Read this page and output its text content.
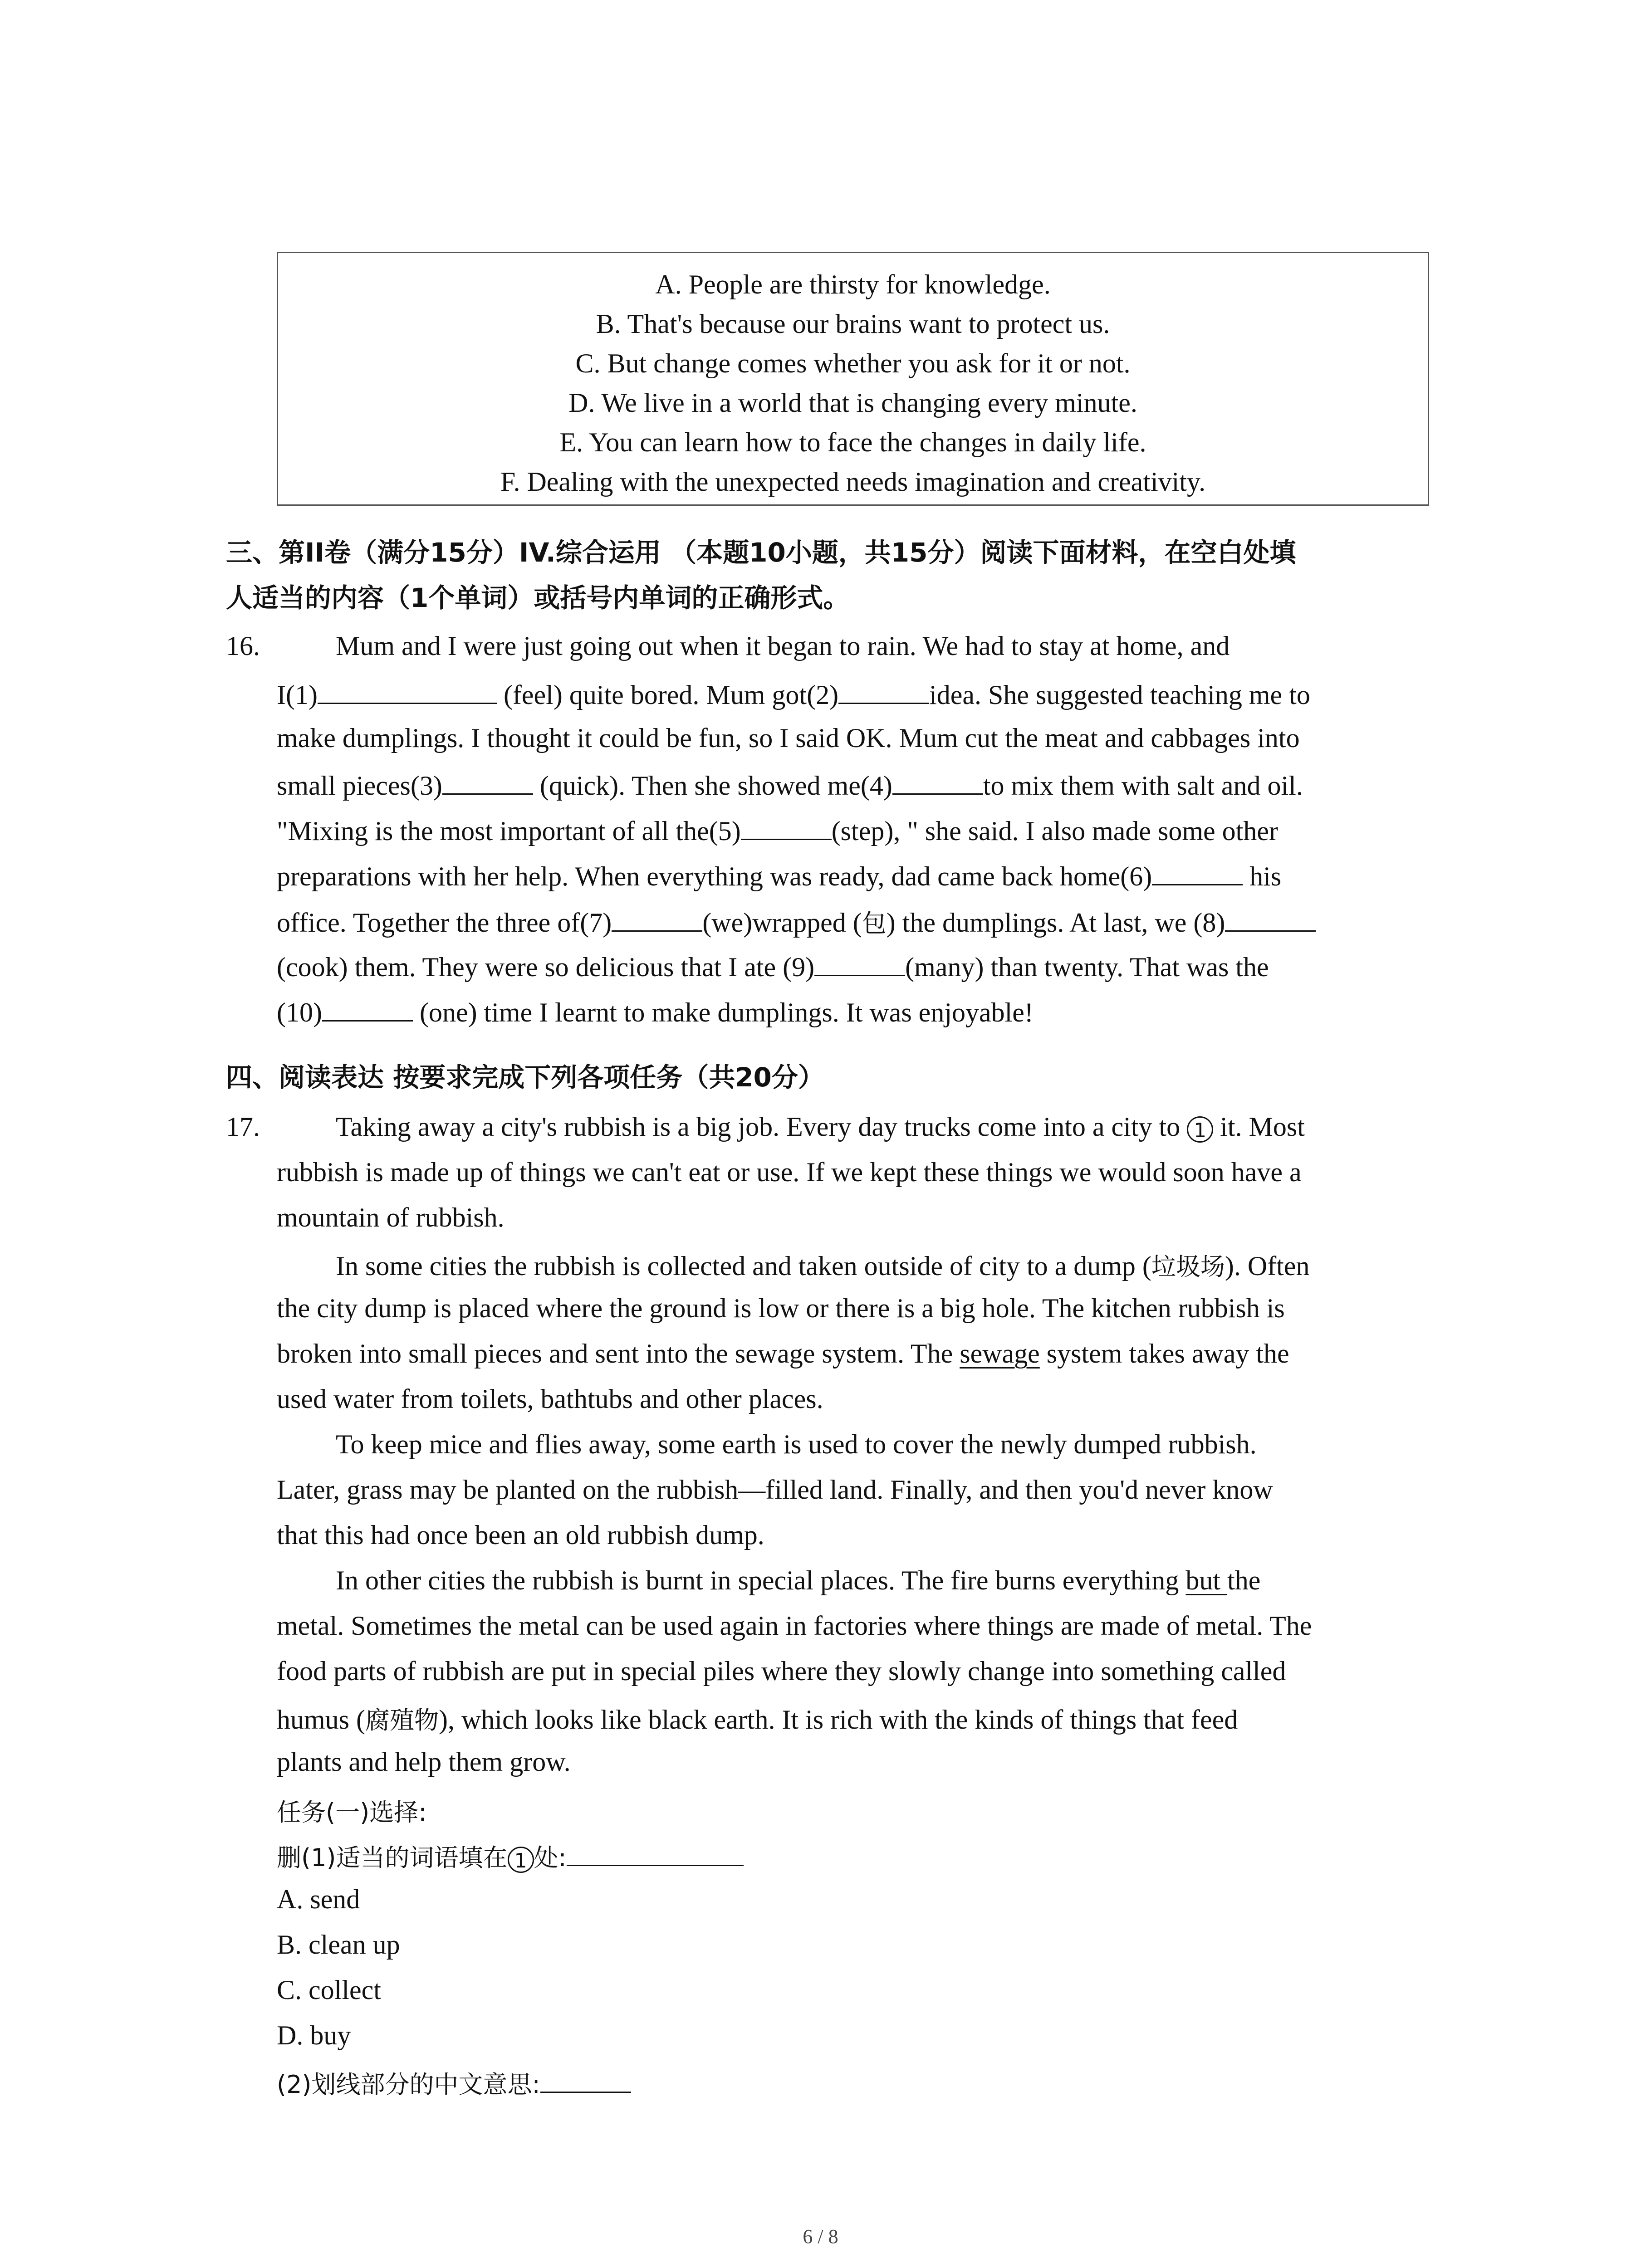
A. People are thirsty for knowledge.
B. That's because our brains want to protect us.
C. But change comes whether you ask for it or not.
D. We live in a world that is changing every minute.
E. You can learn how to face the changes in daily life.
F. Dealing with the unexpected needs imagination and creativity.
三、第II卷（满分15分）IV.综合运用 （本题10小题，共15分）阅读下面材料，在空白处填
人适当的内容（1个单词）或括号内单词的正确形式。
16.	Mum and I were just going out when it began to rain. We had to stay at home, and
I(1)	(feel) quite bored. Mum got(2)	idea. She suggested teaching me to
make dumplings. I thought it could be fun, so I said OK. Mum cut the meat and cabbages into
small pieces(3)	(quick). Then she showed me(4)	to mix them with salt and oil.
"Mixing is the most important of all the(5)	(step), " she said. I also made some other
preparations with her help. When everything was ready, dad came back home(6)	his
office. Together the three of(7)	(we)wrapped (包) the dumplings. At last, we (8)
(cook) them. They were so delicious that I ate (9)	(many) than twenty. That was the
(10)	(one) time I learnt to make dumplings. It was enjoyable!
四、阅读表达 按要求完成下列各项任务（共20分）
17.	Taking away a city's rubbish is a big job. Every day trucks come into a city to 1 it. Most
rubbish is made up of things we can't eat or use. If we kept these things we would soon have a
mountain of rubbish.
In some cities the rubbish is collected and taken outside of city to a dump (垃圾场). Often
the city dump is placed where the ground is low or there is a big hole. The kitchen rubbish is
broken into small pieces and sent into the sewage system. The sewage system takes away the
used water from toilets, bathtubs and other places.
To keep mice and flies away, some earth is used to cover the newly dumped rubbish.
Later, grass may be planted on the rubbish—filled land. Finally, and then you'd never know
that this had once been an old rubbish dump.
In other cities the rubbish is burnt in special places. The fire burns everything but the
metal. Sometimes the metal can be used again in factories where things are made of metal. The
food parts of rubbish are put in special piles where they slowly change into something called
humus (腐殖物), which looks like black earth. It is rich with the kinds of things that feed
plants and help them grow.
任务(一)选择:
删(1)适当的词语填在 1 处:
A. send
B. clean up
C. collect
D. buy
(2)划线部分的中文意思:
6 / 8
